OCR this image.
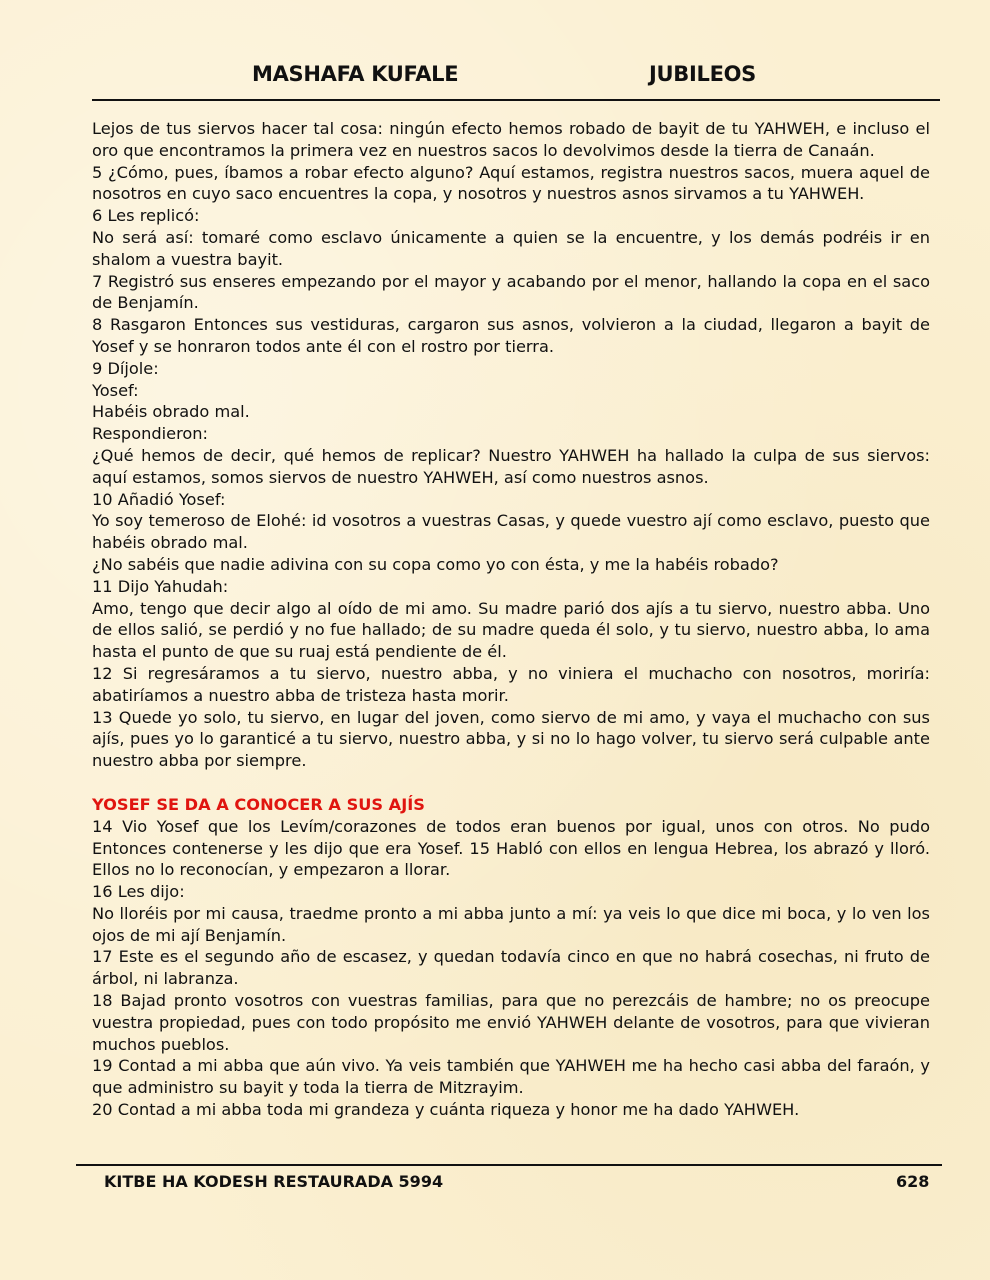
MASHAFA KUFALE	JUBILEOS

Lejos de tus siervos hacer tal cosa: ningún efecto hemos robado de bayit de tu YAHWEH, e incluso el oro que encontramos la primera vez en nuestros sacos lo devolvimos desde la tierra de Canaán.

5 ¿Cómo, pues, íbamos a robar efecto alguno? Aquí estamos, registra nuestros sacos, muera aquel de nosotros en cuyo saco encuentres la copa, y nosotros y nuestros asnos sirvamos a tu YAHWEH.

6 Les replicó:

No será así: tomaré como esclavo únicamente a quien se la encuentre, y los demás podréis ir en shalom a vuestra bayit.

7 Registró sus enseres empezando por el mayor y acabando por el menor, hallando la copa en el saco de Benjamín.

8 Rasgaron Entonces sus vestiduras, cargaron sus asnos, volvieron a la ciudad, llegaron a bayit de Yosef y se honraron todos ante él con el rostro por tierra.

9 Díjole:

Yosef:

Habéis obrado mal.

Respondieron:

¿Qué hemos de decir, qué hemos de replicar? Nuestro YAHWEH ha hallado la culpa de sus siervos: aquí estamos, somos siervos de nuestro YAHWEH, así como nuestros asnos.

10 Añadió Yosef:

Yo soy temeroso de Elohé: id vosotros a vuestras Casas, y quede vuestro ají como esclavo, puesto que habéis obrado mal.

¿No sabéis que nadie adivina con su copa como yo con ésta, y me la habéis robado?

11 Dijo Yahudah:

Amo, tengo que decir algo al oído de mi amo. Su madre parió dos ajís a tu siervo, nuestro abba. Uno de ellos salió, se perdió y no fue hallado; de su madre queda él solo, y tu siervo, nuestro abba, lo ama hasta el punto de que su ruaj está pendiente de él.

12 Si regresáramos a tu siervo, nuestro abba, y no viniera el muchacho con nosotros, moriría: abatiríamos a nuestro abba de tristeza hasta morir.

13 Quede yo solo, tu siervo, en lugar del joven, como siervo de mi amo, y vaya el muchacho con sus ajís, pues yo lo garanticé a tu siervo, nuestro abba, y si no lo hago volver, tu siervo será culpable ante nuestro abba por siempre.

YOSEF SE DA A CONOCER A SUS AJÍS

14 Vio Yosef que los Levím/corazones de todos eran buenos por igual, unos con otros. No pudo Entonces contenerse y les dijo que era Yosef. 15 Habló con ellos en lengua Hebrea, los abrazó y lloró. Ellos no lo reconocían, y empezaron a llorar.

16 Les dijo:

No lloréis por mi causa, traedme pronto a mi abba junto a mí: ya veis lo que dice mi boca, y lo ven los ojos de mi ají Benjamín.

17 Este es el segundo año de escasez, y quedan todavía cinco en que no habrá cosechas, ni fruto de árbol, ni labranza.

18 Bajad pronto vosotros con vuestras familias, para que no perezcáis de hambre; no os preocupe vuestra propiedad, pues con todo propósito me envió YAHWEH delante de vosotros, para que vivieran muchos pueblos.

19 Contad a mi abba que aún vivo. Ya veis también que YAHWEH me ha hecho casi abba del faraón, y que administro su bayit y toda la tierra de Mitzrayim.

20 Contad a mi abba toda mi grandeza y cuánta riqueza y honor me ha dado YAHWEH.

KITBE HA KODESH RESTAURADA 5994	628
